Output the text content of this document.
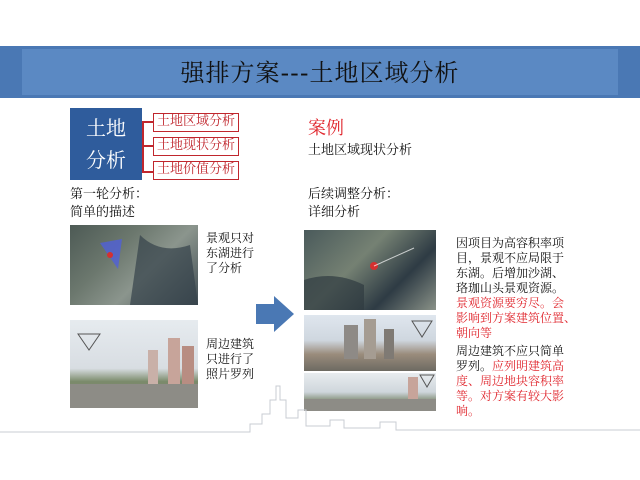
强排方案---土地区域分析
土地
分析
土地区域分析
土地现状分析
土地价值分析
第一轮分析：
简单的描述
景观只对
东湖进行
了分析
周边建筑
只进行了
照片罗列
案例
土地区域现状分析
后续调整分析：
详细分析
因项目为高容积率项
目，景观不应局限于
东湖。后增加沙湖、
珞珈山头景观资源。
景观资源要穷尽。会
影响到方案建筑位置、
朝向等
周边建筑不应只简单
罗列。应列明建筑高
度、周边地块容积率
等。对方案有较大影
响。
